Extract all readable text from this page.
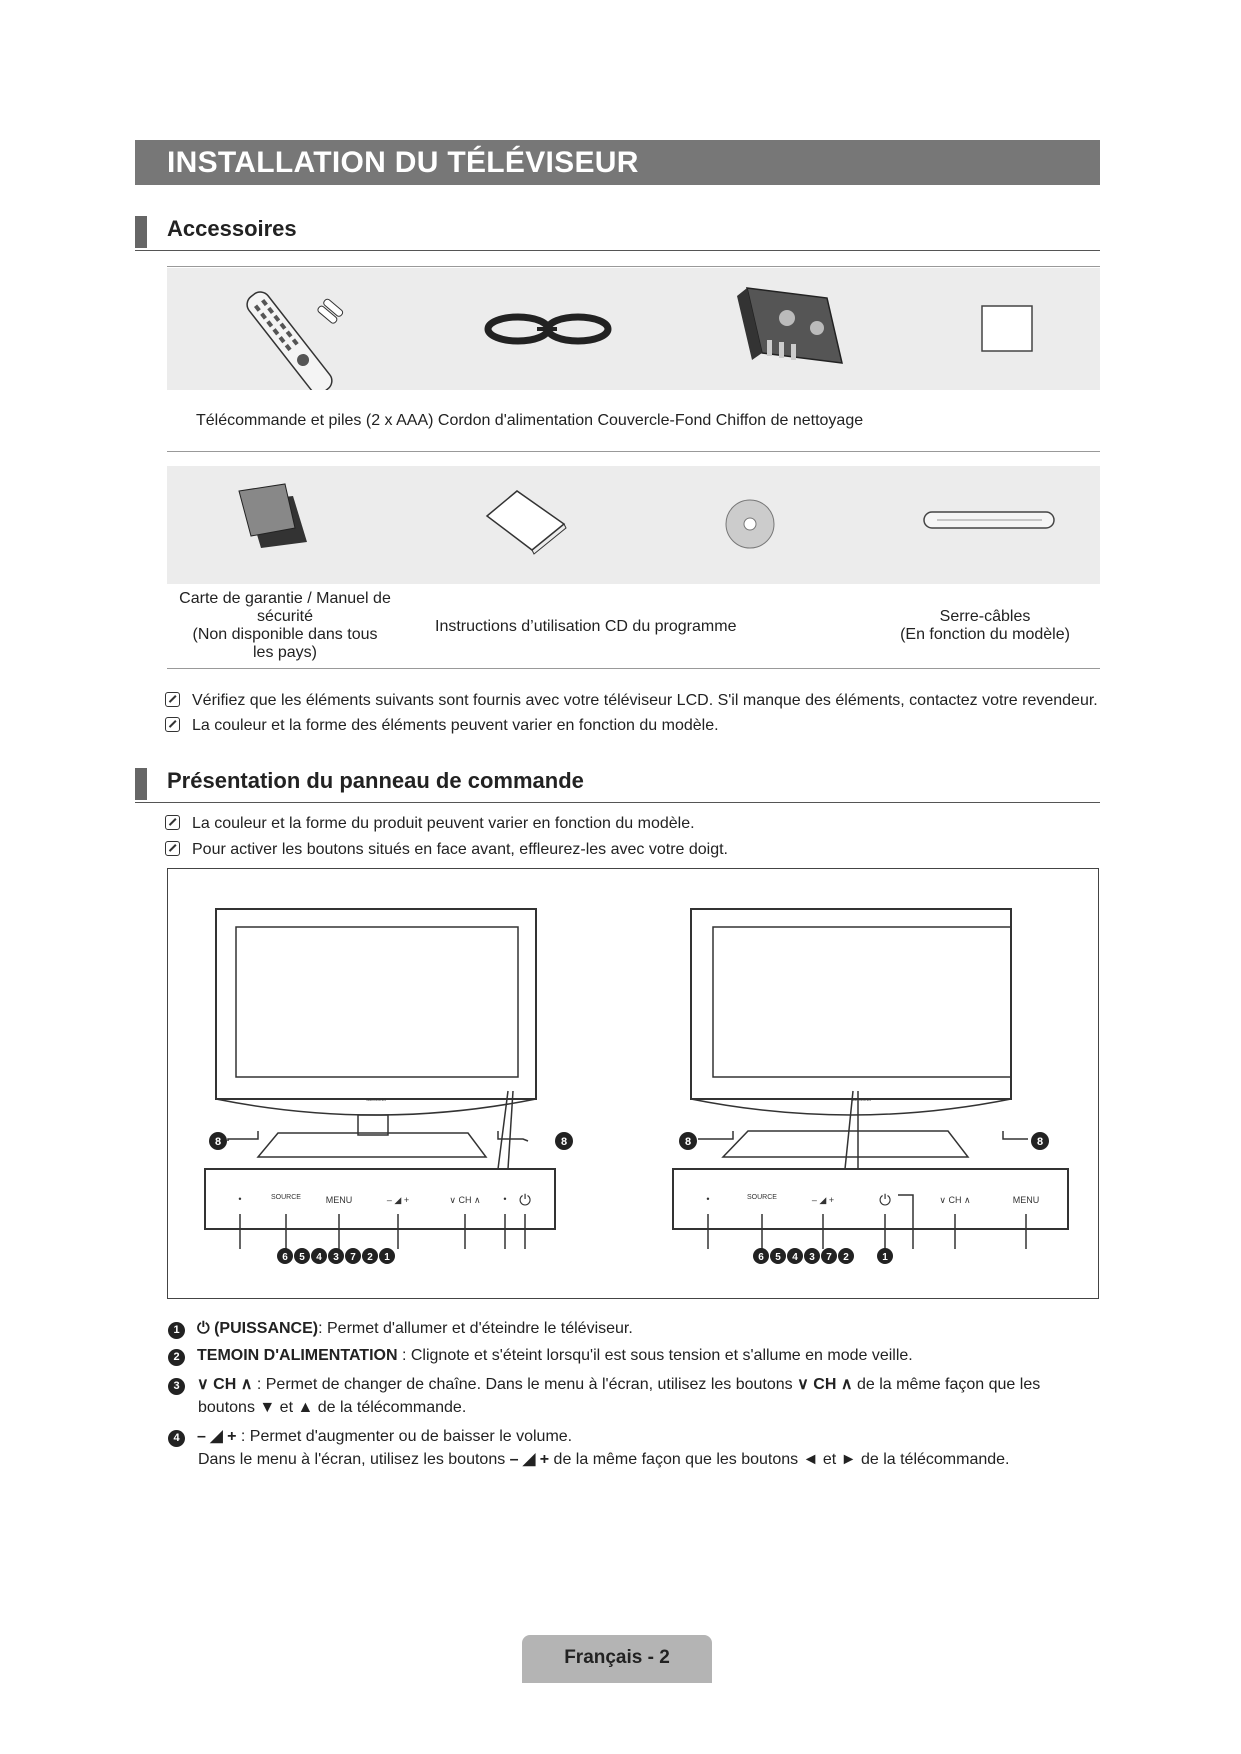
INSTALLATION DU TÉLÉVISEUR
Accessoires
Télécommande et piles (2 x AAA) Cordon d'alimentation Couvercle-Fond Chiffon de nettoyage
Carte de garantie / Manuel de
sécurité
(Non disponible dans tous
les pays)
Instructions d’utilisation CD du programme
Serre-câbles
(En fonction du modèle)
Vérifiez que les éléments suivants sont fournis avec votre téléviseur LCD. S'il manque des éléments, contactez votre revendeur.
La couleur et la forme des éléments peuvent varier en fonction du modèle.
Présentation du panneau de commande
La couleur et la forme du produit peuvent varier en fonction du modèle.
Pour activer les boutons situés en face avant, effleurez-les avec votre doigt.
SAMSUNG
8	8
•	SOURCE	MENU	– ◢ +	∨ CH ∧	• ⏻
6 5 4 3 7 2 1
SAMSUNG
8	8
•	SOURCE	– ◢ +	⏻	∨ CH ∧	MENU
6 5 4 3 7 2	1
1 ⏻ (PUISSANCE): Permet d'allumer et d'éteindre le téléviseur.
2 TEMOIN D'ALIMENTATION : Clignote et s'éteint lorsqu'il est sous tension et s'allume en mode veille.
3 ∨ CH ∧ : Permet de changer de chaîne. Dans le menu à l'écran, utilisez les boutons ∨ CH ∧ de la même façon que les
boutons ▼ et ▲ de la télécommande.
4 – ◢ + : Permet d'augmenter ou de baisser le volume.
Dans le menu à l'écran, utilisez les boutons – ◢ + de la même façon que les boutons ◄ et ► de la télécommande.
Français - 2
